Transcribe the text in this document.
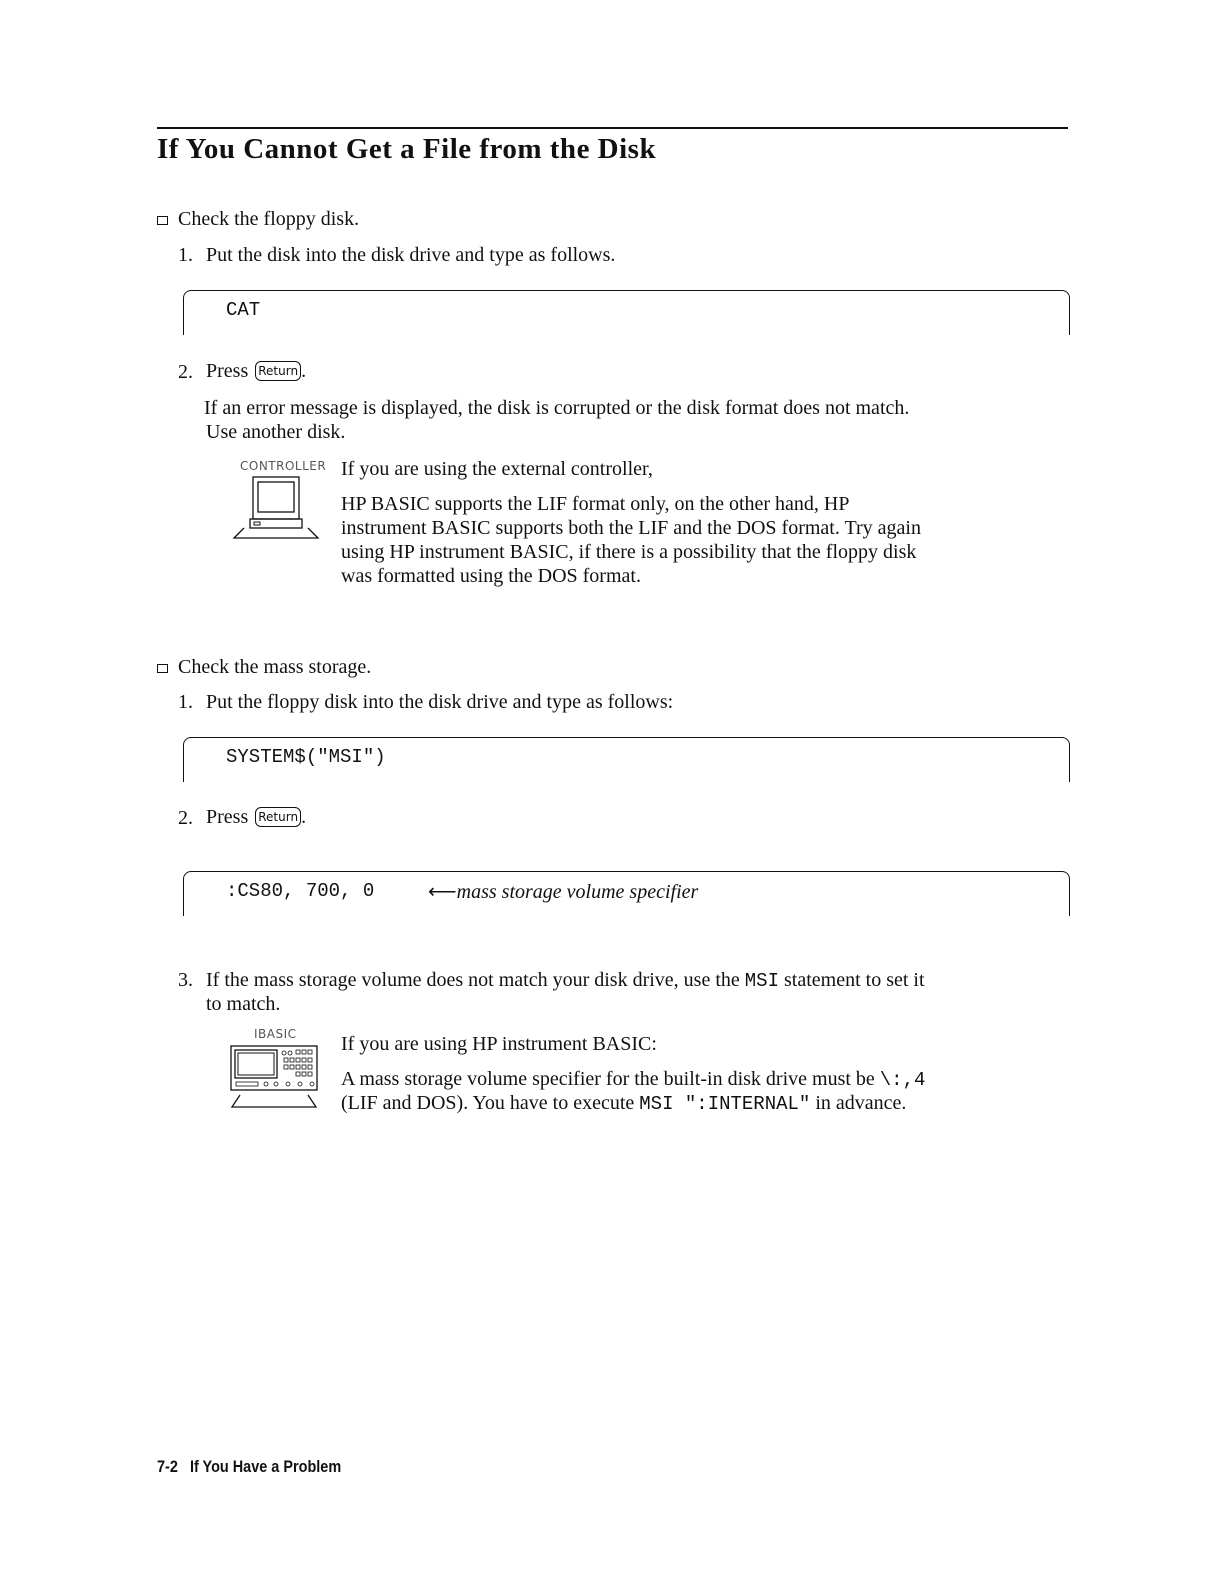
If You Cannot Get a File from the Disk
Check the floppy disk.
1. Put the disk into the disk drive and type as follows.
CAT
2. Press Return .
If an error message is displayed, the disk is corrupted or the disk format does not match.
Use another disk.
CONTROLLER If you are using the external controller,
HP BASIC supports the LIF format only, on the other hand, HP
instrument BASIC supports both the LIF and the DOS format. Try again
using HP instrument BASIC, if there is a possibility that the floppy disk
was formatted using the DOS format.
Check the mass storage.
1. Put the floppy disk into the disk drive and type as follows:
SYSTEM$("MSI")
2. Press Return .
:CS80, 700, 0	⟵mass storage volume specifier
3. If the mass storage volume does not match your disk drive, use the MSI statement to set it
to match.
IBASIC If you are using HP instrument BASIC:
A mass storage volume specifier for the built-in disk drive must be \:,4
(LIF and DOS). You have to execute MSI ":INTERNAL" in advance.
7-2 If You Have a Problem
